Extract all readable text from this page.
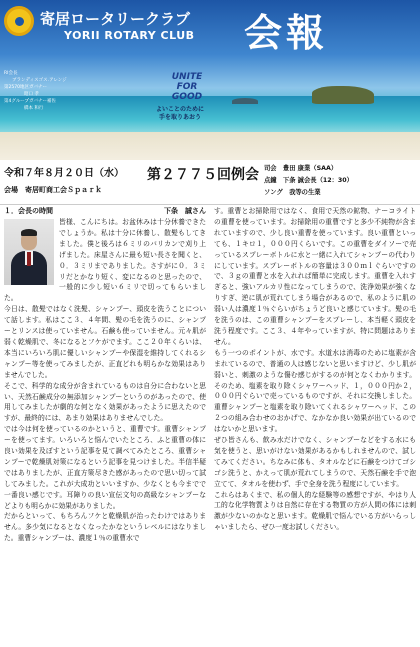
寄居ロータリークラブ
YORII ROTARY CLUB 会報
RI会長
ブランディスゴス.アレンジ
第2570地区ガバナー
昭口 孝
第4グループガバナー補佐
橋本 和行
UNITE
FOR
GOOD
よいことのために
手を取りあおう
令和７年８月２０日（水）
会場　 寄居町商工会Ｓｐａｒｋ
第２７７５回例会 司会　 豊田 康業（SAA）
点鐘　 下条 誠会長（12：30）
ソング　 我等の生業
１．会長の時間	下条　誠さん

皆様、こんにちは。お盆休みは十分休養できたでしょうか。私は十分に休養し、散髪もしてきました。僕と後ろは６ミリのバリカンで刈り上げました。床屋さんに最も短い長さを聞くと、０．３ミリまでありました。さすがに０．３ミリだとかなり短く、変になるのと思ったので、一般的に少し短い６ミリで切ってもらいました。

今日は、散髪ではなく洗髪、シャンプー、頭皮を洗うことについて話します。私はここ３、４年間、髪の毛を洗うのに、シャンプーとリンスは使っていません。石鹸も使っていません。元々肌が弱く乾燥肌で、冬になるとフケがでます。ここ２０年くらいは、本当にいろいろ肌に優しいシャンプーや保湿を維持してくれるシャンプー等を使ってみましたが、正直どれも明らかな効果はありませんでした。

そこで、科学的な成分が含まれているものは自分に合わないと思い、天然石鹸成分の無添加シャンプーというのがあったので、使用してみましたが劇的な何となく効果があったように思えたのですが、最終的には、あまり効果はありませんでした。

では今は何を使っているのかというと、重曹です。重曹シャンプーを使ってます。いろいろと悩んでいたところ、ふと重曹の体に良い効果を及ぼすという記事を見て調べてみたところ、重曹シャンプーで乾燥肌対策になるという記事を見つけました。半信半疑ではありましたが、正直方策尽きた感があったので思い切って試してみました。これが大成功といいますか、少なくとも今までで一番良い感じです。耳障りの良い宣伝文句の高級なシャンプーなどよりも明らかに効果がありました。

だからといって、もちろんフケと乾燥肌が治ったわけではありません。多少気になるとなくなったかなというレベルにはなりました。重曹シャンプーは、濃度１％の重曹水で

す。重曹とお掃除用ではなく、食用で天然の鉱物、ナーコライトの重曹を使っています。お掃除用の重曹ですと多少不純物が含まれていますので、少し良い重曹を使っています。良い重曹といっても、１キロ１，０００円くらいです。この重曹をダイソーで売っているスプレーボトルに水と一緒に入れてシャンプーの代わりにしています。スプレーボトルの容量は３００ｍｌぐらいですので、３ｇの重曹と水を入れれば簡単に完成します。重曹を入れすぎると、強いアルカリ性になってしまうので、洗浄効果が強くなりすぎ、逆に肌が荒れてしまう場合があるので、私のように肌の弱い人は濃度１％ぐらいがちょうど良いと感じています。髪の毛を洗うのは、この重曹シャンプーをスプレーし、本当軽く頭皮を洗う程度です。ここ３、４年やっていますが、特に問題はありません。

もう一つのポイントが、水です。水道水は消毒のために塩素が含まれているので、普通の人は感じないと思いますけど、少し肌が弱いと、刺激のような傷む感じがするのが何となくわかります。そのため、塩素を取り除くシャワーヘッド、１，０００円か２，０００円ぐらいで売っているものですが、それに交換しました。重曹シャンプーと塩素を取り除いてくれるシャワーヘッド、この２つの組み合わせのおかげで、なかなか良い効果が出ているのではないかと思います。

ぜひ皆さんも、飲み水だけでなく、シャンプーなどをする水にも気を使うと、思いがけない効果があるかもしれませんので、試してみてください。ちなみに体も、タオルなどに石鹸をつけてゴシゴシ洗うと、かえって肌が荒れてしまうので、天然石鹸を手で泡立てて、タオルを使わず、手で全身を洗う程度にしています。

これらはあくまで、私の個人的な経験等の感想ですが、やはり人工的な化学物質よりは自然に存在する物質の方が人間の体には刺激が少ないのかなと思います。乾燥肌で悩んでいる方がいらっしゃいましたら、ぜひ一度お試しください。
